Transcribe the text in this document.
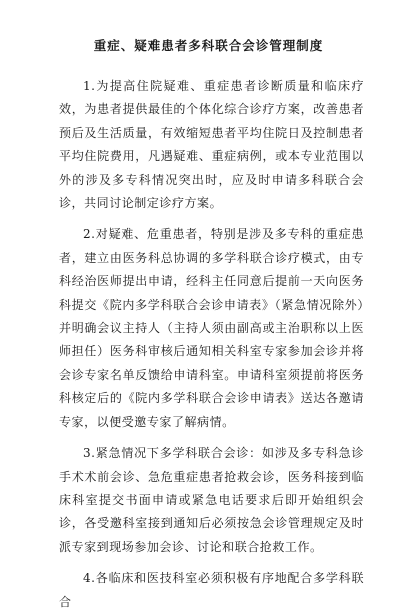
重症、疑难患者多科联合会诊管理制度

1.为提高住院疑难、重症患者诊断质量和临床疗效，为患者提供最佳的个体化综合诊疗方案，改善患者预后及生活质量，有效缩短患者平均住院日及控制患者平均住院费用，凡遇疑难、重症病例，或本专业范围以外的涉及多专科情况突出时，应及时申请多科联合会诊，共同讨论制定诊疗方案。

2.对疑难、危重患者，特别是涉及多专科的重症患者，建立由医务科总协调的多学科联合诊疗模式，由专科经治医师提出申请，经科主任同意后提前一天向医务科提交《院内多学科联合会诊申请表》（紧急情况除外）并明确会议主持人（主持人须由副高或主治职称以上医师担任）医务科审核后通知相关科室专家参加会诊并将会诊专家名单反馈给申请科室。申请科室须提前将医务科核定后的《院内多学科联合会诊申请表》送达各邀请专家，以便受邀专家了解病情。

3.紧急情况下多学科联合会诊：如涉及多专科急诊手术术前会诊、急危重症患者抢救会诊，医务科接到临床科室提交书面申请或紧急电话要求后即开始组织会诊，各受邀科室接到通知后必须按急会诊管理规定及时派专家到现场参加会诊、讨论和联合抢救工作。

4.各临床和医技科室必须积极有序地配合多学科联合
